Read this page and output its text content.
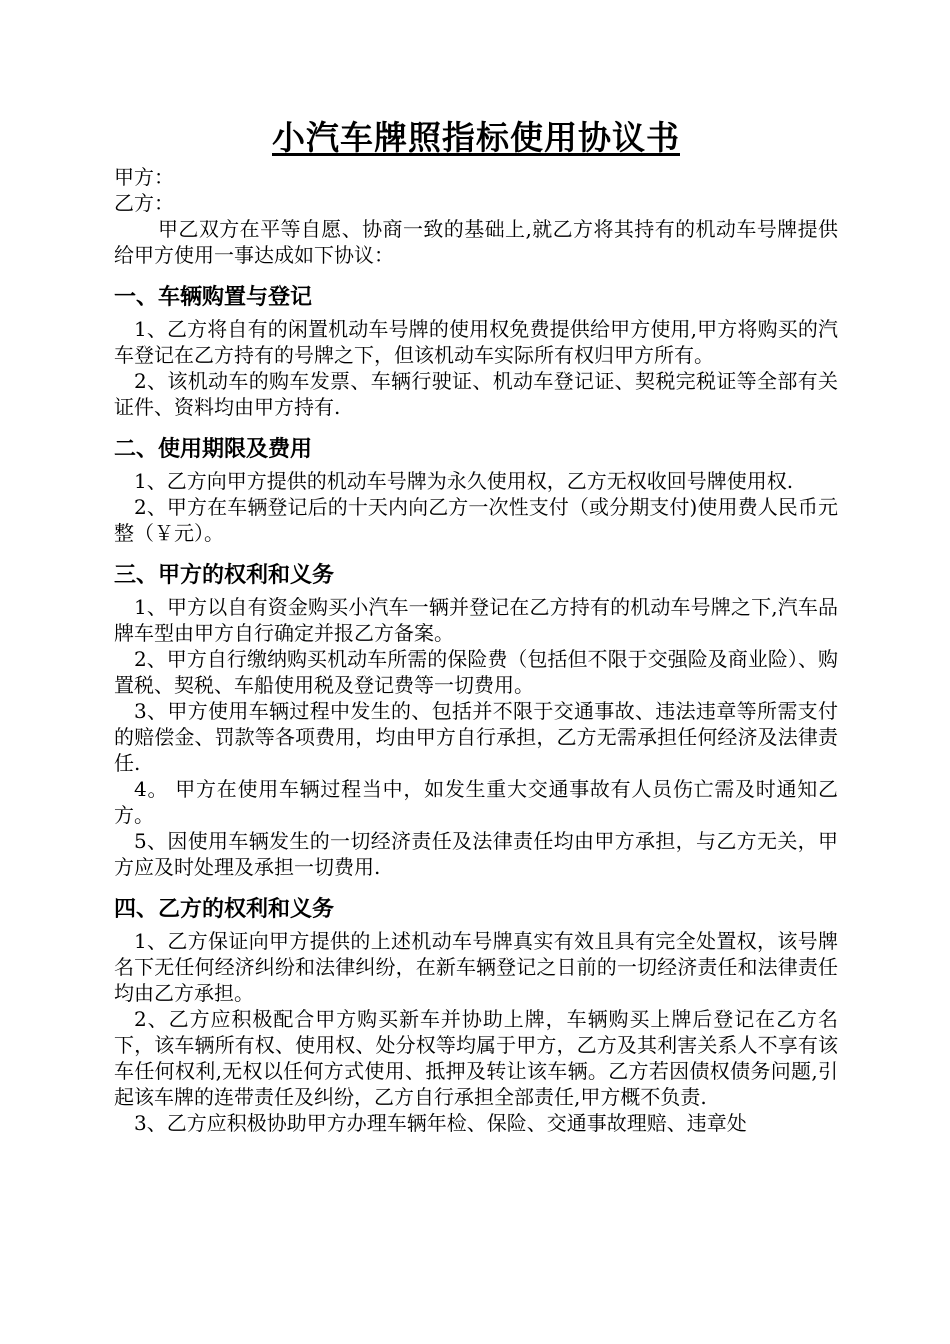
小汽车牌照指标使用协议书
甲方：
乙方：

甲乙双方在平等自愿、协商一致的基础上,就乙方将其持有的机动车号牌提供给甲方使用一事达成如下协议：

一、车辆购置与登记

1、乙方将自有的闲置机动车号牌的使用权免费提供给甲方使用,甲方将购买的汽车登记在乙方持有的号牌之下，但该机动车实际所有权归甲方所有。

2、该机动车的购车发票、车辆行驶证、机动车登记证、契税完税证等全部有关证件、资料均由甲方持有.

二、使用期限及费用

1、乙方向甲方提供的机动车号牌为永久使用权，乙方无权收回号牌使用权.

2、甲方在车辆登记后的十天内向乙方一次性支付（或分期支付)使用费人民币元整（￥元）。

三、甲方的权利和义务

1、甲方以自有资金购买小汽车一辆并登记在乙方持有的机动车号牌之下,汽车品牌车型由甲方自行确定并报乙方备案。

2、甲方自行缴纳购买机动车所需的保险费（包括但不限于交强险及商业险）、购置税、契税、车船使用税及登记费等一切费用。

3、甲方使用车辆过程中发生的、包括并不限于交通事故、违法违章等所需支付的赔偿金、罚款等各项费用，均由甲方自行承担，乙方无需承担任何经济及法律责任.

4。 甲方在使用车辆过程当中，如发生重大交通事故有人员伤亡需及时通知乙方。

5、因使用车辆发生的一切经济责任及法律责任均由甲方承担，与乙方无关，甲方应及时处理及承担一切费用.

四、乙方的权利和义务

1、乙方保证向甲方提供的上述机动车号牌真实有效且具有完全处置权，该号牌名下无任何经济纠纷和法律纠纷，在新车辆登记之日前的一切经济责任和法律责任均由乙方承担。

2、乙方应积极配合甲方购买新车并协助上牌，车辆购买上牌后登记在乙方名下，该车辆所有权、使用权、处分权等均属于甲方，乙方及其利害关系人不享有该车任何权利,无权以任何方式使用、抵押及转让该车辆。乙方若因债权债务问题,引起该车牌的连带责任及纠纷，乙方自行承担全部责任,甲方概不负责.

3、乙方应积极协助甲方办理车辆年检、保险、交通事故理赔、违章处
